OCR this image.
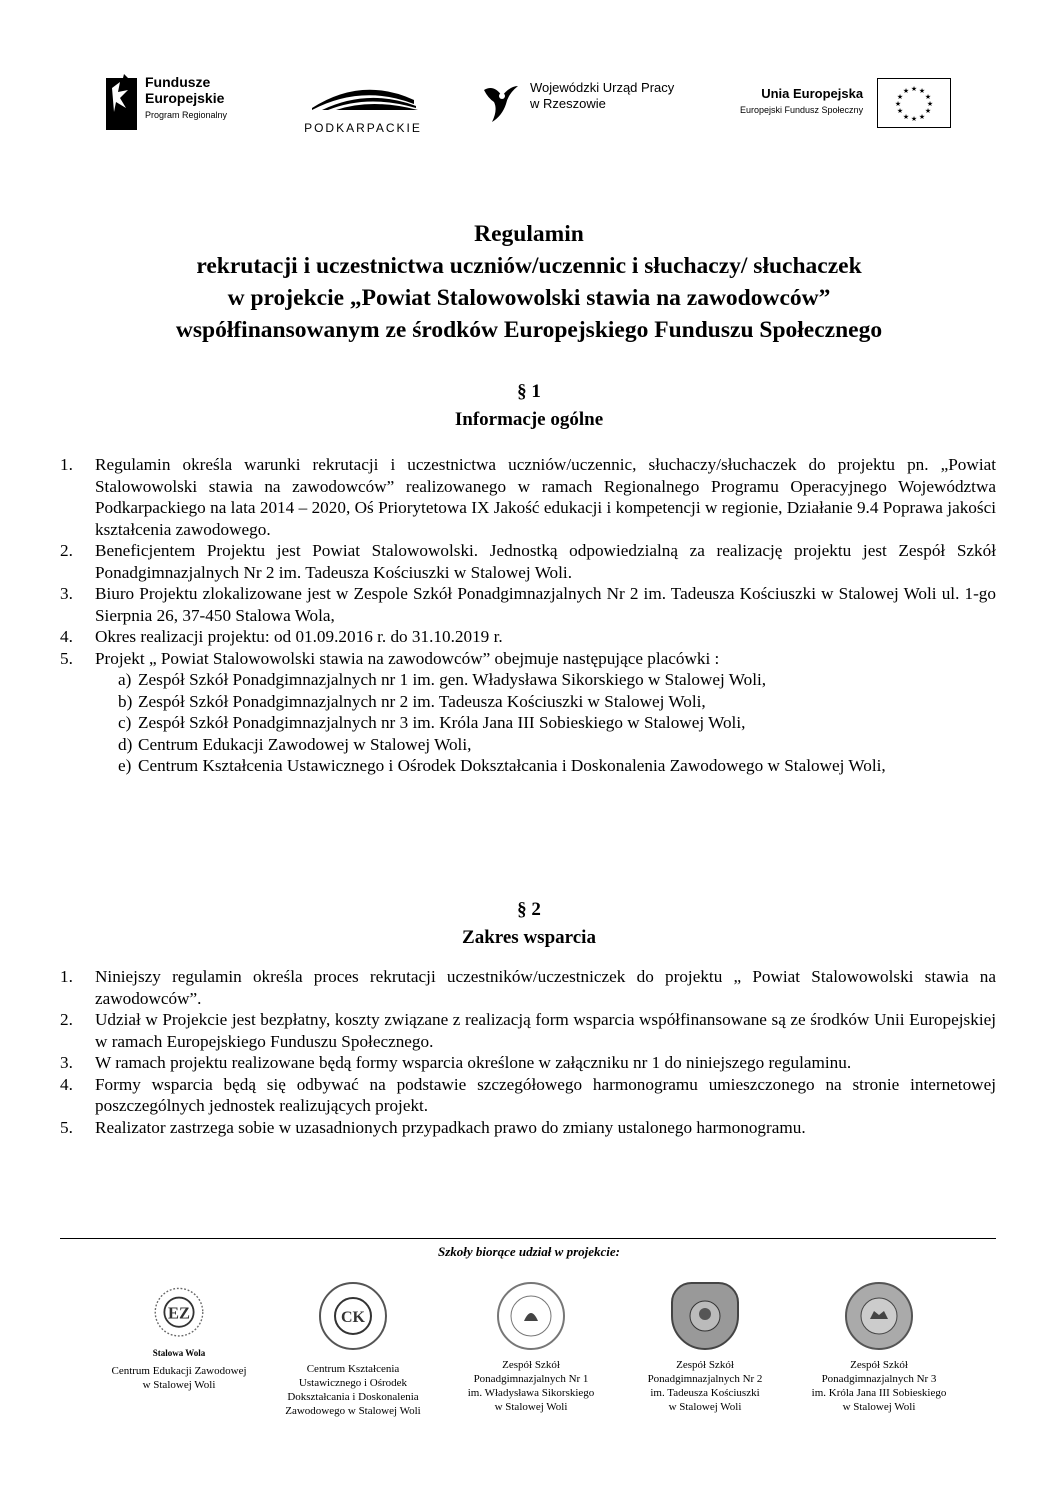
Fundusze
Europejskie
Program Regionalny
PODKARPACKIE
Wojewódzki Urząd Pracy
w Rzeszowie
Unia Europejska
Europejski Fundusz Społeczny
★ ★
★
★
★
★
★
★
★
★
★
★
Regulamin
rekrutacji i uczestnictwa uczniów/uczennic i słuchaczy/ słuchaczek
w projekcie „Powiat Stalowowolski stawia na zawodowców”
współfinansowanym ze środków Europejskiego Funduszu Społecznego
§ 1
Informacje ogólne
1.	Regulamin określa warunki rekrutacji i uczestnictwa uczniów/uczennic, słuchaczy/słuchaczek do projektu pn. „Powiat Stalowowolski stawia na zawodowców” realizowanego w ramach Regionalnego Programu Operacyjnego Województwa Podkarpackiego na lata 2014 – 2020, Oś Priorytetowa IX Jakość edukacji i kompetencji w regionie, Działanie 9.4 Poprawa jakości kształcenia zawodowego.
2.	Beneficjentem Projektu jest Powiat Stalowowolski. Jednostką odpowiedzialną za realizację projektu jest Zespół Szkół Ponadgimnazjalnych Nr 2 im. Tadeusza Kościuszki w Stalowej Woli.
3.	Biuro Projektu zlokalizowane jest w Zespole Szkół Ponadgimnazjalnych Nr 2 im. Tadeusza Kościuszki w Stalowej Woli ul. 1-go Sierpnia 26, 37-450 Stalowa Wola,
4.	Okres realizacji projektu: od 01.09.2016 r. do 31.10.2019 r.
5.	Projekt „ Powiat Stalowowolski stawia na zawodowców” obejmuje następujące placówki :
a) Zespół Szkół Ponadgimnazjalnych nr 1 im. gen. Władysława Sikorskiego w Stalowej Woli,
b) Zespół Szkół Ponadgimnazjalnych nr 2 im. Tadeusza Kościuszki w Stalowej Woli,
c) Zespół Szkół Ponadgimnazjalnych nr 3 im. Króla Jana III Sobieskiego w Stalowej Woli,
d) Centrum Edukacji Zawodowej w Stalowej Woli,
e) Centrum Kształcenia Ustawicznego i Ośrodek Dokształcania i Doskonalenia Zawodowego w Stalowej Woli,
§ 2
Zakres wsparcia
1.	Niniejszy regulamin określa proces rekrutacji uczestników/uczestniczek do projektu „ Powiat Stalowowolski stawia na zawodowców”.
2.	Udział w Projekcie jest bezpłatny, koszty związane z realizacją form wsparcia współfinansowane są ze środków Unii Europejskiej w ramach Europejskiego Funduszu Społecznego.
3.	W ramach projektu realizowane będą formy wsparcia określone w załączniku nr 1 do niniejszego regulaminu.
4.	Formy wsparcia będą się odbywać na podstawie szczegółowego harmonogramu umieszczonego na stronie internetowej poszczególnych jednostek realizujących projekt.
5.	Realizator zastrzega sobie w uzasadnionych przypadkach prawo do zmiany ustalonego harmonogramu.
Szkoły biorące udział w projekcie:
EZ
Stalowa Wola
Centrum Edukacji Zawodowej
w Stalowej Woli
CK
Centrum Kształcenia
Ustawicznego i Ośrodek
Dokształcania i Doskonalenia
Zawodowego w Stalowej Woli
Zespół Szkół
Ponadgimnazjalnych Nr 1
im. Władysława Sikorskiego
w Stalowej Woli
Zespół Szkół
Ponadgimnazjalnych Nr 2
im. Tadeusza Kościuszki
w Stalowej Woli
Zespół Szkół
Ponadgimnazjalnych Nr 3
im. Króla Jana III Sobieskiego
w Stalowej Woli
